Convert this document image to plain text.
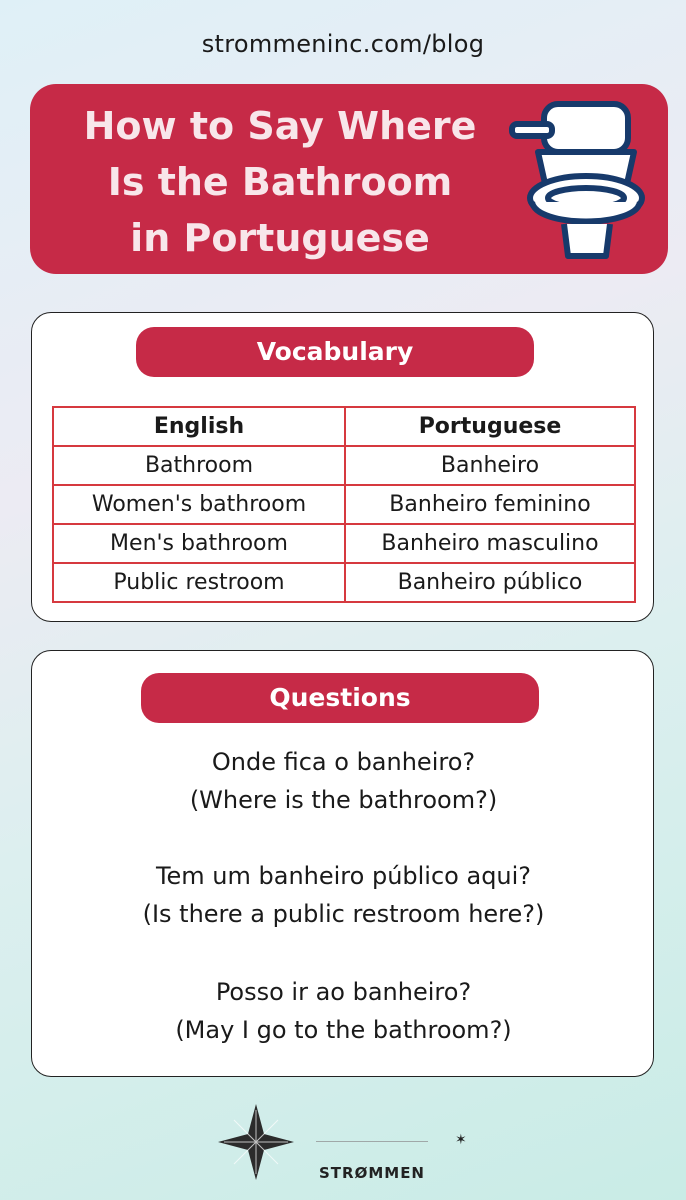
strommeninc.com/blog
How to Say Where
Is the Bathroom
in Portuguese
Vocabulary
English	Portuguese
Bathroom	Banheiro
Women's bathroom	Banheiro feminino
Men's bathroom	Banheiro masculino
Public restroom	Banheiro público
Questions
Onde fica o banheiro?
(Where is the bathroom?)
Tem um banheiro público aqui?
(Is there a public restroom here?)
Posso ir ao banheiro?
(May I go to the bathroom?)
✶
STRØMMEN
